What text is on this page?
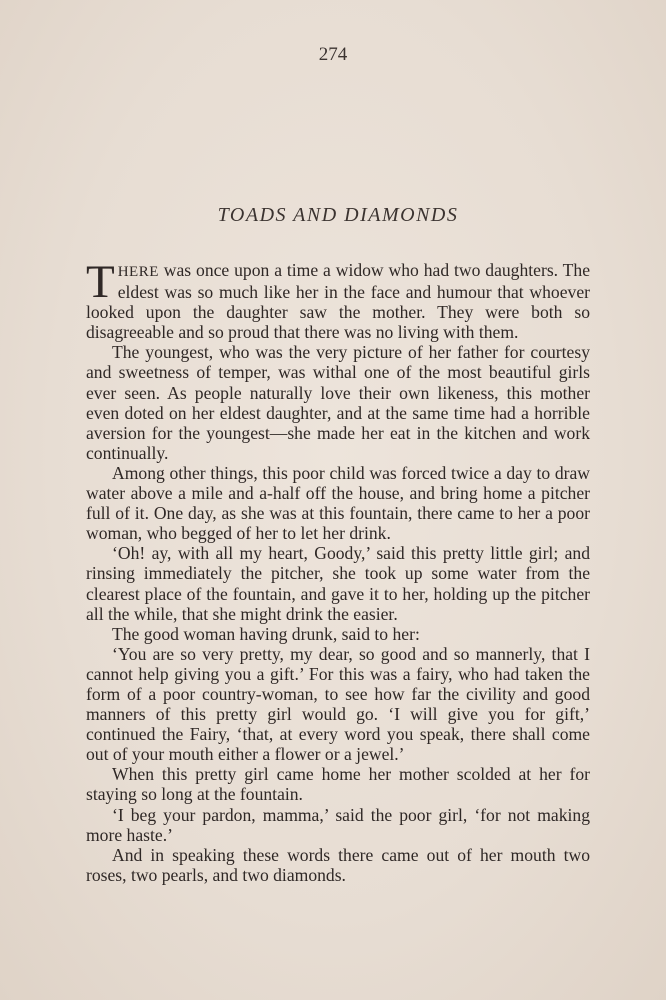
274
TOADS AND DIAMONDS

THERE was once upon a time a widow who had two daughters. The eldest was so much like her in the face and humour that whoever looked upon the daughter saw the mother. They were both so disagreeable and so proud that there was no living with them.

The youngest, who was the very picture of her father for courtesy and sweetness of temper, was withal one of the most beautiful girls ever seen. As people naturally love their own likeness, this mother even doted on her eldest daughter, and at the same time had a horrible aversion for the youngest—she made her eat in the kitchen and work continually.

Among other things, this poor child was forced twice a day to draw water above a mile and a-half off the house, and bring home a pitcher full of it. One day, as she was at this fountain, there came to her a poor woman, who begged of her to let her drink.

‘Oh! ay, with all my heart, Goody,’ said this pretty little girl; and rinsing immediately the pitcher, she took up some water from the clearest place of the fountain, and gave it to her, holding up the pitcher all the while, that she might drink the easier.

The good woman having drunk, said to her:

‘You are so very pretty, my dear, so good and so mannerly, that I cannot help giving you a gift.’ For this was a fairy, who had taken the form of a poor country-woman, to see how far the civility and good manners of this pretty girl would go. ‘I will give you for gift,’ continued the Fairy, ‘that, at every word you speak, there shall come out of your mouth either a flower or a jewel.’

When this pretty girl came home her mother scolded at her for staying so long at the fountain.

‘I beg your pardon, mamma,’ said the poor girl, ‘for not making more haste.’

And in speaking these words there came out of her mouth two roses, two pearls, and two diamonds.
